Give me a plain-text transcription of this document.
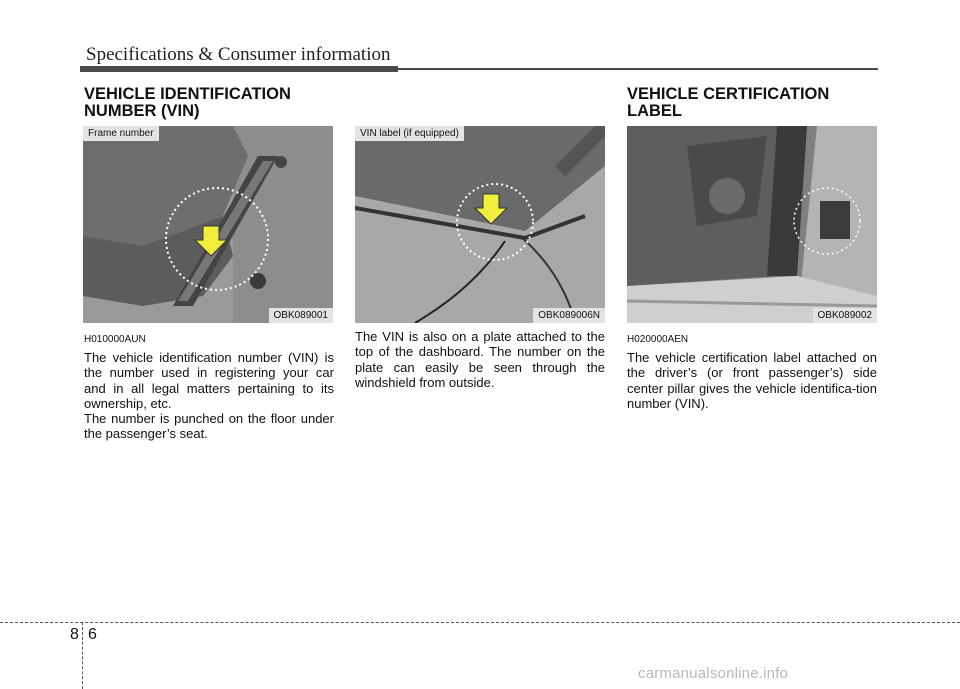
Specifications & Consumer information
VEHICLE IDENTIFICATION
NUMBER (VIN)
VEHICLE CERTIFICATION
LABEL
Frame number
OBK089001
VIN label (if equipped)
OBK089006N	OBK089002
H010000AUN

The vehicle identification number (VIN) is the number used in registering your car and in all legal matters pertaining to its ownership, etc.

The number is punched on the floor under the passenger’s seat.

The VIN is also on a plate attached to the top of the dashboard. The number on the plate can easily be seen through the windshield from outside.

H020000AEN

The vehicle certification label attached on the driver’s (or front passenger’s) side center pillar gives the vehicle identifica-tion number (VIN).

8 6
carmanualsonline.info
